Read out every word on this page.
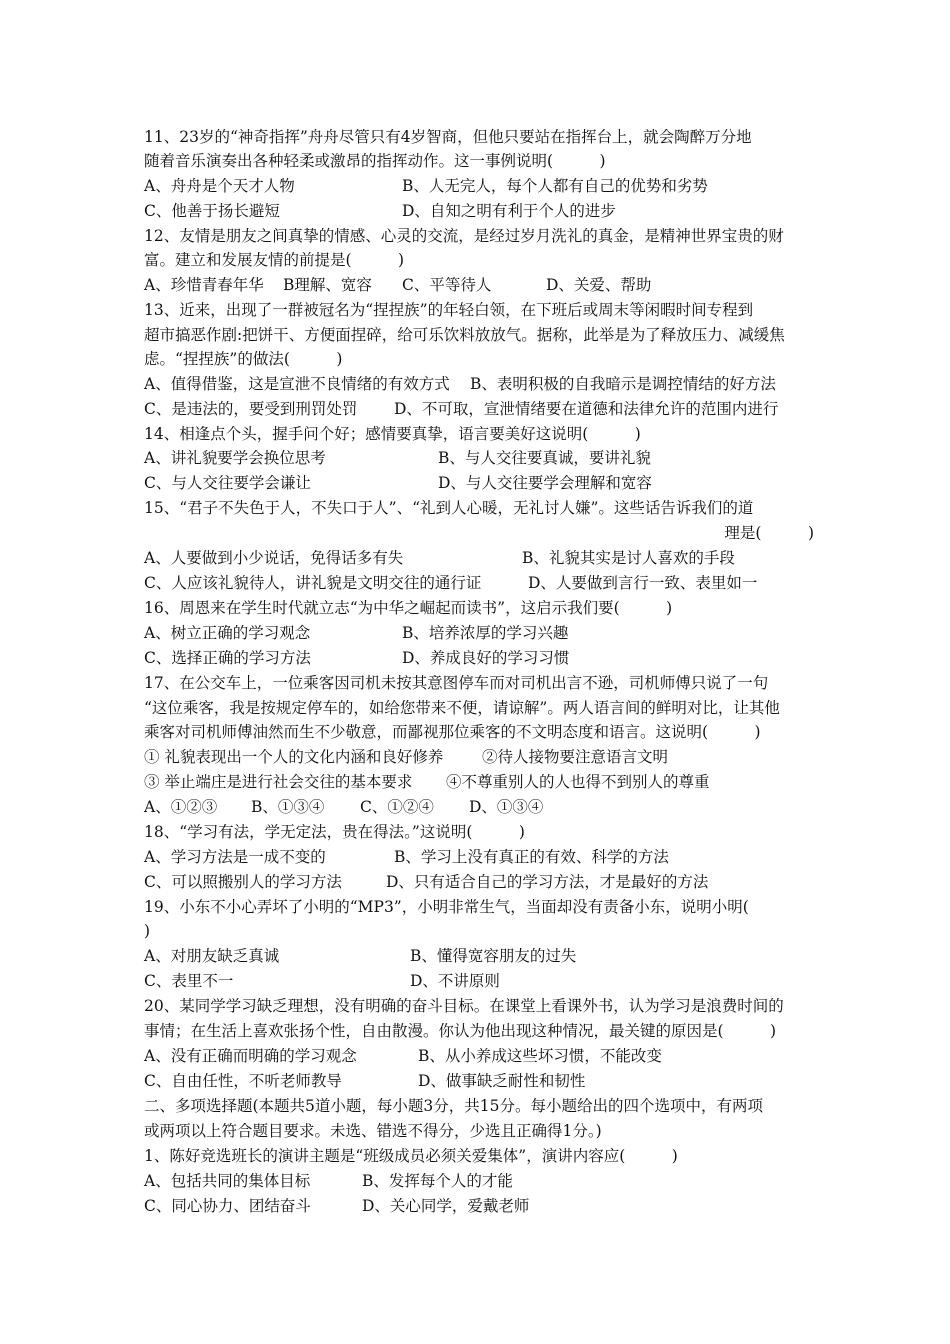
11、23岁的“神奇指挥”舟舟尽管只有4岁智商，但他只要站在指挥台上，就会陶醉万分地
随着音乐演奏出各种轻柔或激昂的指挥动作。这一事例说明(　　　)
A、舟舟是个天才人物	B、人无完人，每个人都有自己的优势和劣势
C、他善于扬长避短	D、自知之明有利于个人的进步
12、友情是朋友之间真挚的情感、心灵的交流，是经过岁月洗礼的真金，是精神世界宝贵的财
富。建立和发展友情的前提是(　　　)
A、珍惜青春年华 B理解、宽容 C、平等待人	D、关爱、帮助
13、近来，出现了一群被冠名为“捏捏族”的年轻白领，在下班后或周末等闲暇时间专程到
超市搞恶作剧:把饼干、方便面捏碎，给可乐饮料放放气。据称，此举是为了释放压力、减缓焦
虑。“捏捏族”的做法(　　　)
A、值得借鉴，这是宣泄不良情绪的有效方式 B、表明积极的自我暗示是调控情结的好方法
C、是违法的，要受到刑罚处罚 D、不可取，宣泄情绪要在道德和法律允许的范围内进行
14、相逢点个头，握手问个好；感情要真挚，语言要美好这说明(　　　)
A、讲礼貌要学会换位思考	B、与人交往要真诚，要讲礼貌
C、与人交往要学会谦让	D、与人交往要学会理解和宽容
15、“君子不失色于人，不失口于人”、“礼到人心暖，无礼讨人嫌”。这些话告诉我们的道
理是(　　　)
A、人要做到小少说话，免得话多有失	B、礼貌其实是讨人喜欢的手段
C、人应该礼貌待人，讲礼貌是文明交往的通行证	D、人要做到言行一致、表里如一
16、周恩来在学生时代就立志“为中华之崛起而读书”，这启示我们要(　　　)
A、树立正确的学习观念	B、培养浓厚的学习兴趣
C、选择正确的学习方法	D、养成良好的学习习惯
17、在公交车上，一位乘客因司机未按其意图停车而对司机出言不逊，司机师傅只说了一句
“这位乘客，我是按规定停车的，如给您带来不便，请谅解”。两人语言间的鲜明对比，让其他
乘客对司机师傅油然而生不少敬意，而鄙视那位乘客的不文明态度和语言。这说明(　　　)
① 礼貌表现出一个人的文化内涵和良好修养 ②待人接物要注意语言文明
③ 举止端庄是进行社会交往的基本要求 ④不尊重别人的人也得不到别人的尊重
A、①②③ B、①③④ C、①②④ D、①③④
18、“学习有法，学无定法，贵在得法。”这说明(　　　)
A、学习方法是一成不变的	B、学习上没有真正的有效、科学的方法
C、可以照搬别人的学习方法	D、只有适合自己的学习方法，才是最好的方法
19、小东不小心弄坏了小明的“MP3”，小明非常生气，当面却没有责备小东，说明小明(
)
A、对朋友缺乏真诚	B、懂得宽容朋友的过失
C、表里不一	D、不讲原则
20、某同学学习缺乏理想，没有明确的奋斗目标。在课堂上看课外书，认为学习是浪费时间的
事情；在生活上喜欢张扬个性，自由散漫。你认为他出现这种情况，最关键的原因是(　　　)
A、没有正确而明确的学习观念	B、从小养成这些坏习惯，不能改变
C、自由任性，不听老师教导	D、做事缺乏耐性和韧性
二、多项选择题(本题共5道小题，每小题3分，共15分。每小题给出的四个选项中，有两项
或两项以上符合题目要求。未选、错选不得分，少选且正确得1分。)
1、陈好竞选班长的演讲主题是“班级成员必须关爱集体”，演讲内容应(　　　)
A、包括共同的集体目标	B、发挥每个人的才能
C、同心协力、团结奋斗	D、关心同学，爱戴老师
